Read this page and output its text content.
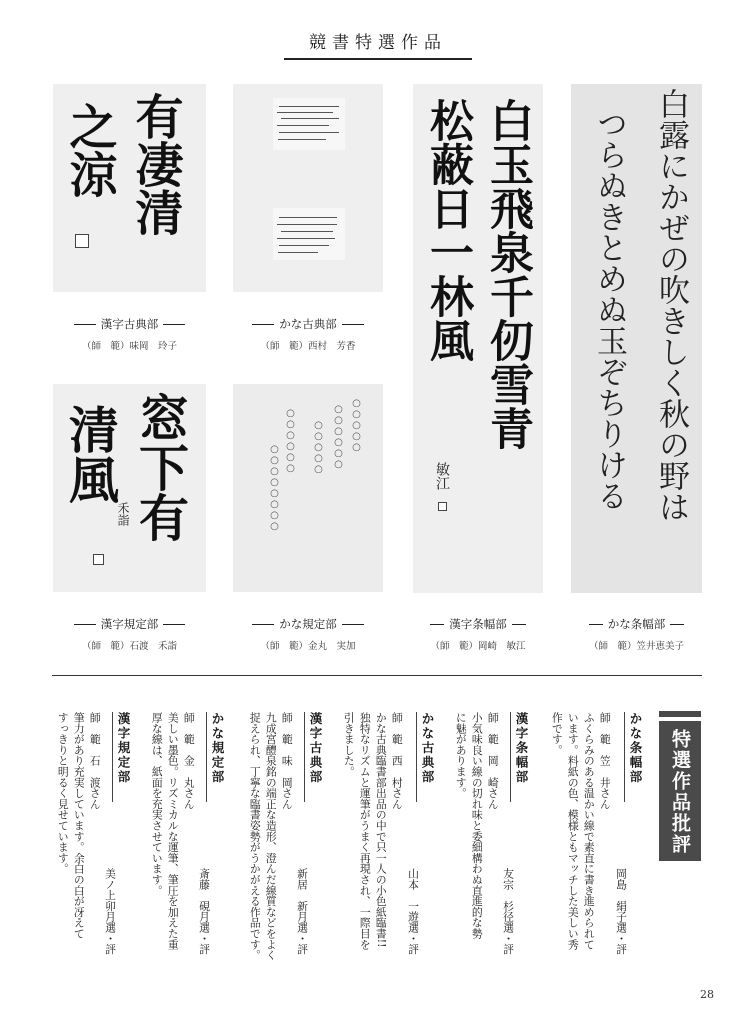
競書特選作品
有凄清
之涼
漢字古典部
（師　範）味岡　玲子
かな古典部
（師　範）西村　芳香	白玉飛泉千仞雪青
松蔽日一林風
敏江
漢字条幅部
（師　範）岡崎　敏江
白露にかぜの吹きしく秋の野は
つらぬきとめぬ玉ぞちりける
かな条幅部
（師　範）笠井恵美子
窓下有
清風
禾詣
漢字規定部
（師　範）石渡　禾詣
○○○○○
○○○○○○
○○○○○
○○○○○○
○○○○○○○○
かな規定部
（師　範）金丸　実加
特選作品批評
かな条幅部
師　範　笠　井さん
ふくらみのある温かい線で素直に書き進められて
います。料紙の色、模様ともマッチした美しい秀
作です。
岡島　絹子選・評
漢字条幅部
師　範　岡　崎さん
小気味良い線の切れ味と委細構わぬ直進的な勢
に魅があります。
友宗　杉径選・評
かな古典部
師　範　西　村さん
かな古典臨書部出品の中で只一人の小色紙臨書!!
独特なリズムと運筆がうまく再現され、一際目を
引きました。
山本　一遊選・評
漢字古典部
師　範　味　岡さん
九成宮醴泉銘の端正な造形、澄んだ線質などをよく
捉えられ、丁寧な臨書姿勢がうかがえる作品です。	新居　新月選・評
かな規定部
師　範　金　丸さん
美しい墨色。リズミカルな運筆、筆圧を加えた重
厚な線は、紙面を充実させています。
斎藤　硯月選・評
漢字規定部
師　範　石　渡さん
筆力があり充実しています。余白の白が冴えて
すっきりと明るく見せています。
美ノ上卯月選・評
28
